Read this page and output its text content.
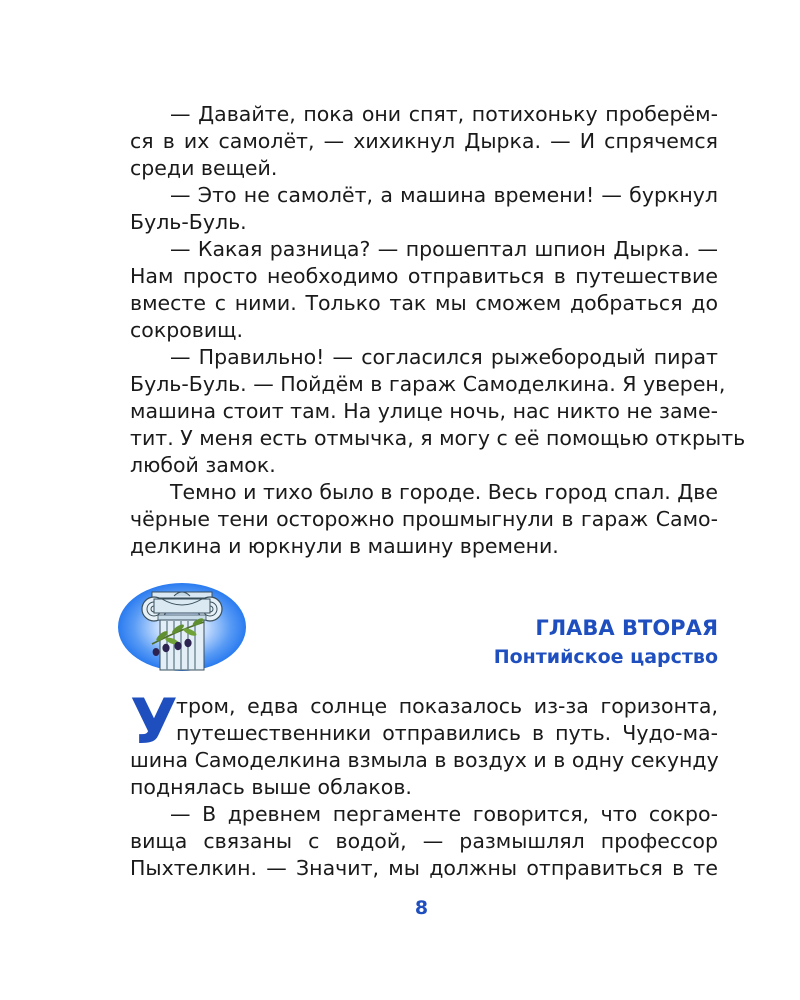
— Давайте, пока они спят, потихоньку проберём-
ся в их самолёт, — хихикнул Дырка. — И спрячемся
среди вещей.
— Это не самолёт, а машина времени! — буркнул
Буль-Буль.
— Какая разница? — прошептал шпион Дырка. —
Нам просто необходимо отправиться в путешествие
вместе с ними. Только так мы сможем добраться до
сокровищ.
— Правильно! — согласился рыжебородый пират
Буль-Буль. — Пойдём в гараж Самоделкина. Я уверен,
машина стоит там. На улице ночь, нас никто не заме-
тит. У меня есть отмычка, я могу с её помощью открыть
любой замок.
Темно и тихо было в городе. Весь город спал. Две
чёрные тени осторожно прошмыгнули в гараж Само-
делкина и юркнули в машину времени.
ГЛАВА ВТОРАЯ
Понтийское царство
У
тром, едва солнце показалось из-за горизонта,
путешественники отправились в путь. Чудо-ма-
шина Самоделкина взмыла в воздух и в одну секунду
поднялась выше облаков.
— В древнем пергаменте говорится, что сокро-
вища связаны с водой, — размышлял профессор
Пыхтелкин. — Значит, мы должны отправиться в те
8
